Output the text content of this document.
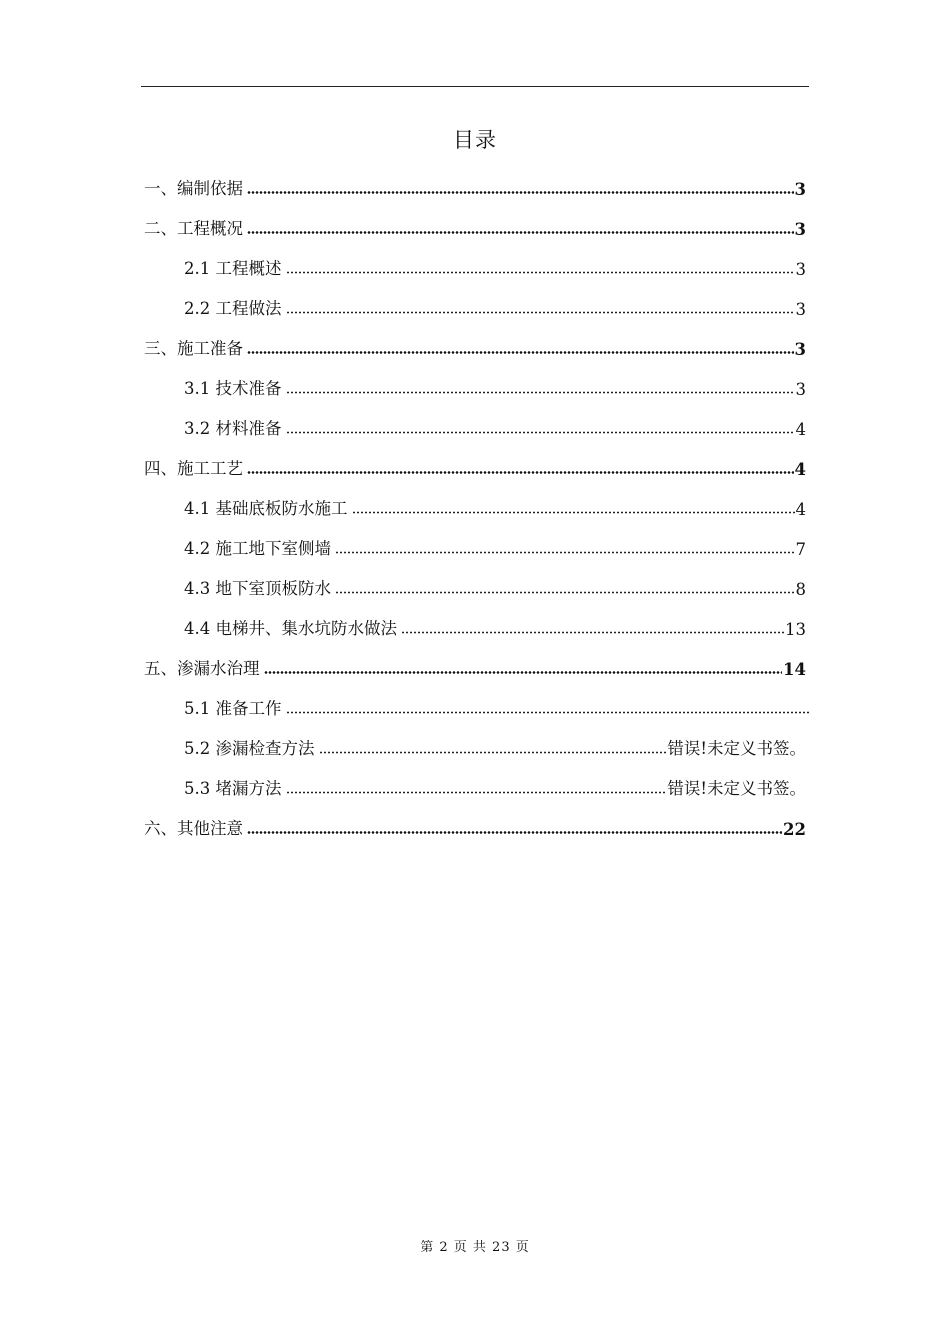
目录
一、编制依据	3
二、工程概况	3
2.1 工程概述	3
2.2 工程做法	3
三、施工准备	3
3.1 技术准备	3
3.2 材料准备	4
四、施工工艺	4
4.1 基础底板防水施工	4
4.2 施工地下室侧墙	7
4.3 地下室顶板防水	8
4.4 电梯井、集水坑防水做法	13
五、渗漏水治理	14
5.1 准备工作
5.2 渗漏检查方法	错误!未定义书签。
5.3 堵漏方法	错误!未定义书签。
六、其他注意	22
第 2 页 共 23 页
